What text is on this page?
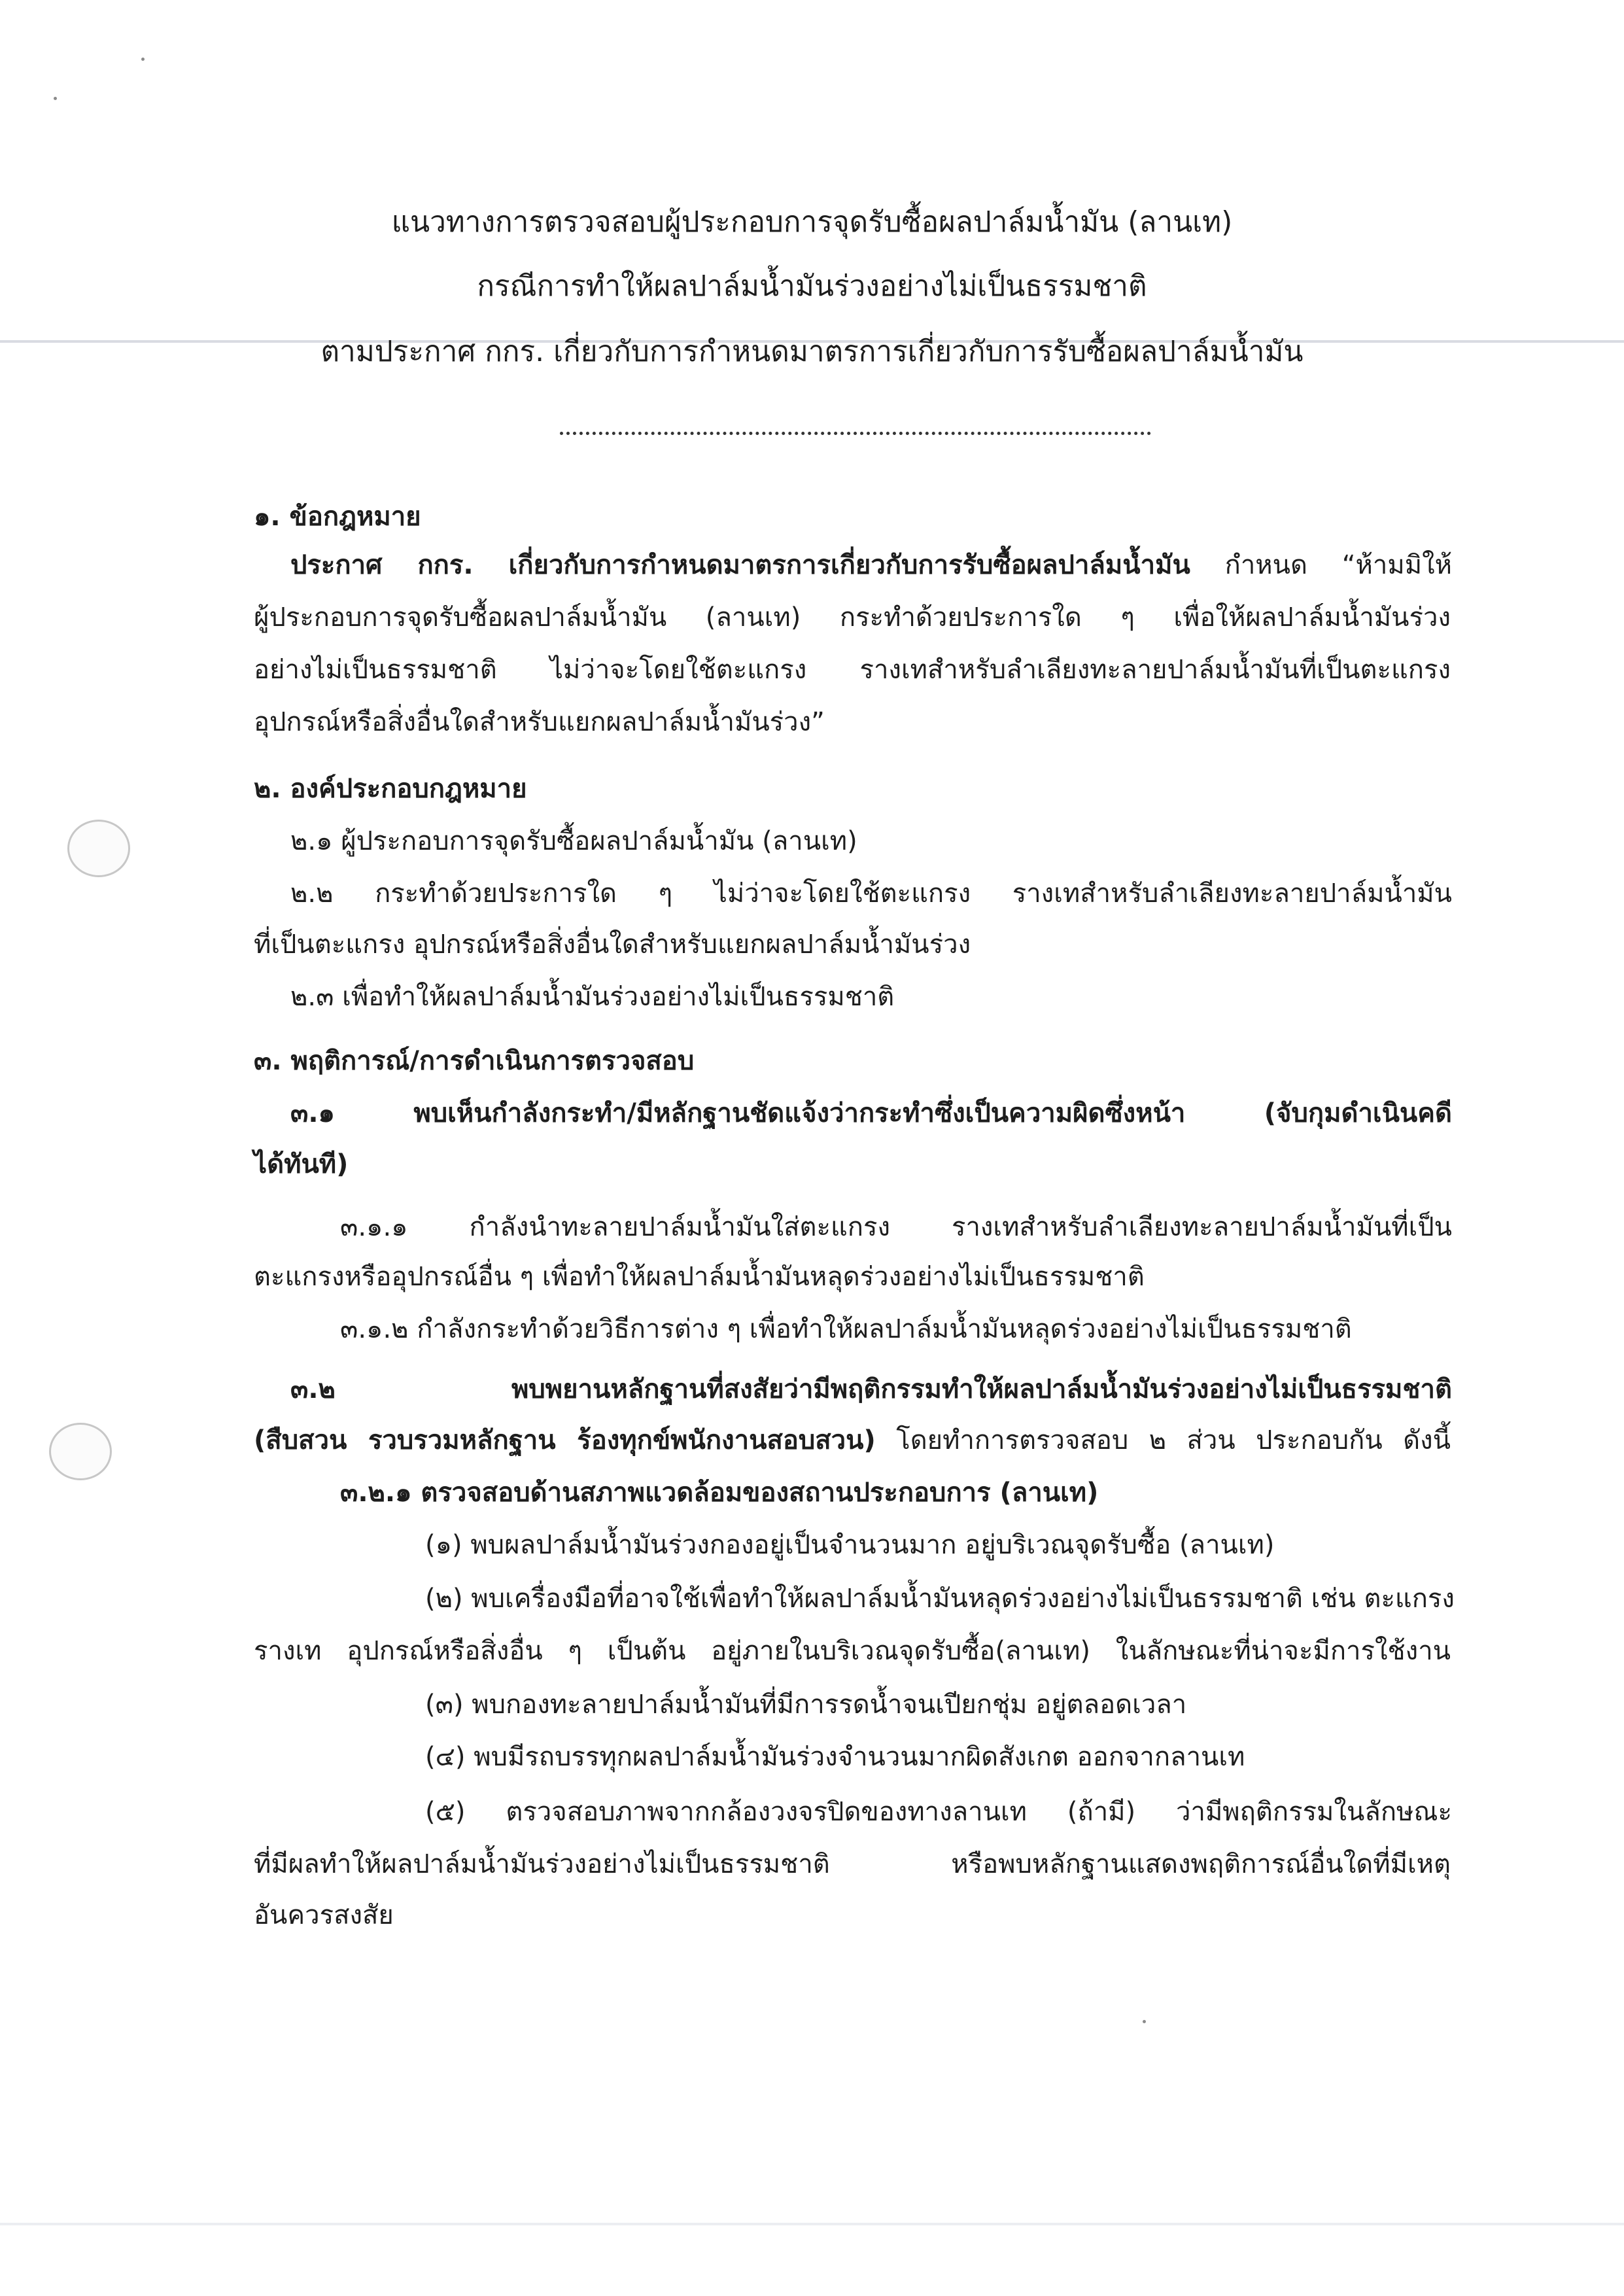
แนวทางการตรวจสอบผู้ประกอบการจุดรับซื้อผลปาล์มน้ำมัน (ลานเท)
กรณีการทำให้ผลปาล์มน้ำมันร่วงอย่างไม่เป็นธรรมชาติ
ตามประกาศ กกร. เกี่ยวกับการกำหนดมาตรการเกี่ยวกับการรับซื้อผลปาล์มน้ำมัน
๑. ข้อกฎหมาย
ประกาศ กกร. เกี่ยวกับการกำหนดมาตรการเกี่ยวกับการรับซื้อผลปาล์มน้ำมัน กำหนด “ห้ามมิให้
ผู้ประกอบการจุดรับซื้อผลปาล์มน้ำมัน (ลานเท) กระทำด้วยประการใด ๆ เพื่อให้ผลปาล์มน้ำมันร่วง
อย่างไม่เป็นธรรมชาติ ไม่ว่าจะโดยใช้ตะแกรง รางเทสำหรับลำเลียงทะลายปาล์มน้ำมันที่เป็นตะแกรง
อุปกรณ์หรือสิ่งอื่นใดสำหรับแยกผลปาล์มน้ำมันร่วง”
๒. องค์ประกอบกฎหมาย
๒.๑ ผู้ประกอบการจุดรับซื้อผลปาล์มน้ำมัน (ลานเท)
๒.๒ กระทำด้วยประการใด ๆ ไม่ว่าจะโดยใช้ตะแกรง รางเทสำหรับลำเลียงทะลายปาล์มน้ำมัน
ที่เป็นตะแกรง อุปกรณ์หรือสิ่งอื่นใดสำหรับแยกผลปาล์มน้ำมันร่วง
๒.๓ เพื่อทำให้ผลปาล์มน้ำมันร่วงอย่างไม่เป็นธรรมชาติ
๓. พฤติการณ์/การดำเนินการตรวจสอบ
๓.๑ พบเห็นกำลังกระทำ/มีหลักฐานชัดแจ้งว่ากระทำซึ่งเป็นความผิดซึ่งหน้า (จับกุมดำเนินคดี
ได้ทันที)
๓.๑.๑ กำลังนำทะลายปาล์มน้ำมันใส่ตะแกรง รางเทสำหรับลำเลียงทะลายปาล์มน้ำมันที่เป็น
ตะแกรงหรืออุปกรณ์อื่น ๆ เพื่อทำให้ผลปาล์มน้ำมันหลุดร่วงอย่างไม่เป็นธรรมชาติ
๓.๑.๒ กำลังกระทำด้วยวิธีการต่าง ๆ เพื่อทำให้ผลปาล์มน้ำมันหลุดร่วงอย่างไม่เป็นธรรมชาติ
๓.๒ พบพยานหลักฐานที่สงสัยว่ามีพฤติกรรมทำให้ผลปาล์มน้ำมันร่วงอย่างไม่เป็นธรรมชาติ
(สืบสวน รวบรวมหลักฐาน ร้องทุกข์พนักงานสอบสวน) โดยทำการตรวจสอบ ๒ ส่วน ประกอบกัน ดังนี้
๓.๒.๑ ตรวจสอบด้านสภาพแวดล้อมของสถานประกอบการ (ลานเท)
(๑) พบผลปาล์มน้ำมันร่วงกองอยู่เป็นจำนวนมาก อยู่บริเวณจุดรับซื้อ (ลานเท)
(๒) พบเครื่องมือที่อาจใช้เพื่อทำให้ผลปาล์มน้ำมันหลุดร่วงอย่างไม่เป็นธรรมชาติ เช่น ตะแกรง
รางเท อุปกรณ์หรือสิ่งอื่น ๆ เป็นต้น อยู่ภายในบริเวณจุดรับซื้อ(ลานเท) ในลักษณะที่น่าจะมีการใช้งาน
(๓) พบกองทะลายปาล์มน้ำมันที่มีการรดน้ำจนเปียกชุ่ม อยู่ตลอดเวลา
(๔) พบมีรถบรรทุกผลปาล์มน้ำมันร่วงจำนวนมากผิดสังเกต ออกจากลานเท
(๕) ตรวจสอบภาพจากกล้องวงจรปิดของทางลานเท (ถ้ามี) ว่ามีพฤติกรรมในลักษณะ
ที่มีผลทำให้ผลปาล์มน้ำมันร่วงอย่างไม่เป็นธรรมชาติ หรือพบหลักฐานแสดงพฤติการณ์อื่นใดที่มีเหตุ
อันควรสงสัย
